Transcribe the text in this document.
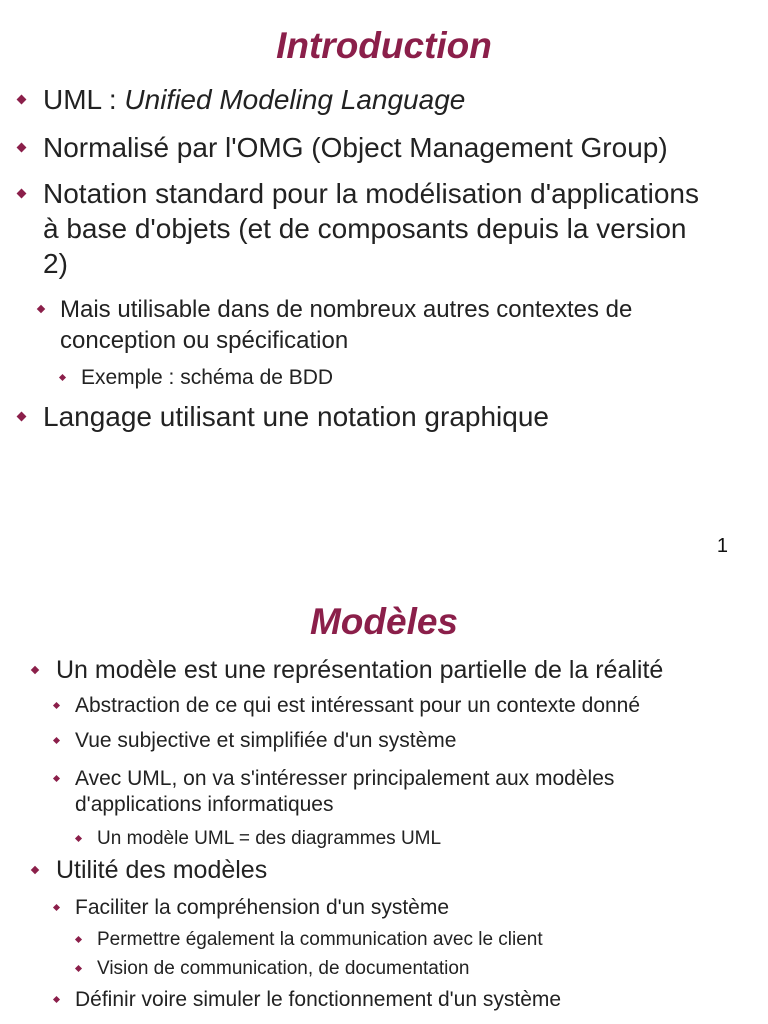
Introduction
UML : Unified Modeling Language
Normalisé par l'OMG (Object Management Group)
Notation standard pour la modélisation d'applications à base d'objets (et de composants depuis la version 2)
Mais utilisable dans de nombreux autres contextes de conception ou spécification
Exemple : schéma de BDD
Langage utilisant une notation graphique
1
Modèles
Un modèle est une représentation partielle de la réalité
Abstraction de ce qui est intéressant pour un contexte donné
Vue subjective et simplifiée d'un système
Avec UML, on va s'intéresser principalement aux modèles d'applications informatiques
Un modèle UML = des diagrammes UML
Utilité des modèles
Faciliter la compréhension d'un système
Permettre également la communication avec le client
Vision de communication, de documentation
Définir voire simuler le fonctionnement d'un système
